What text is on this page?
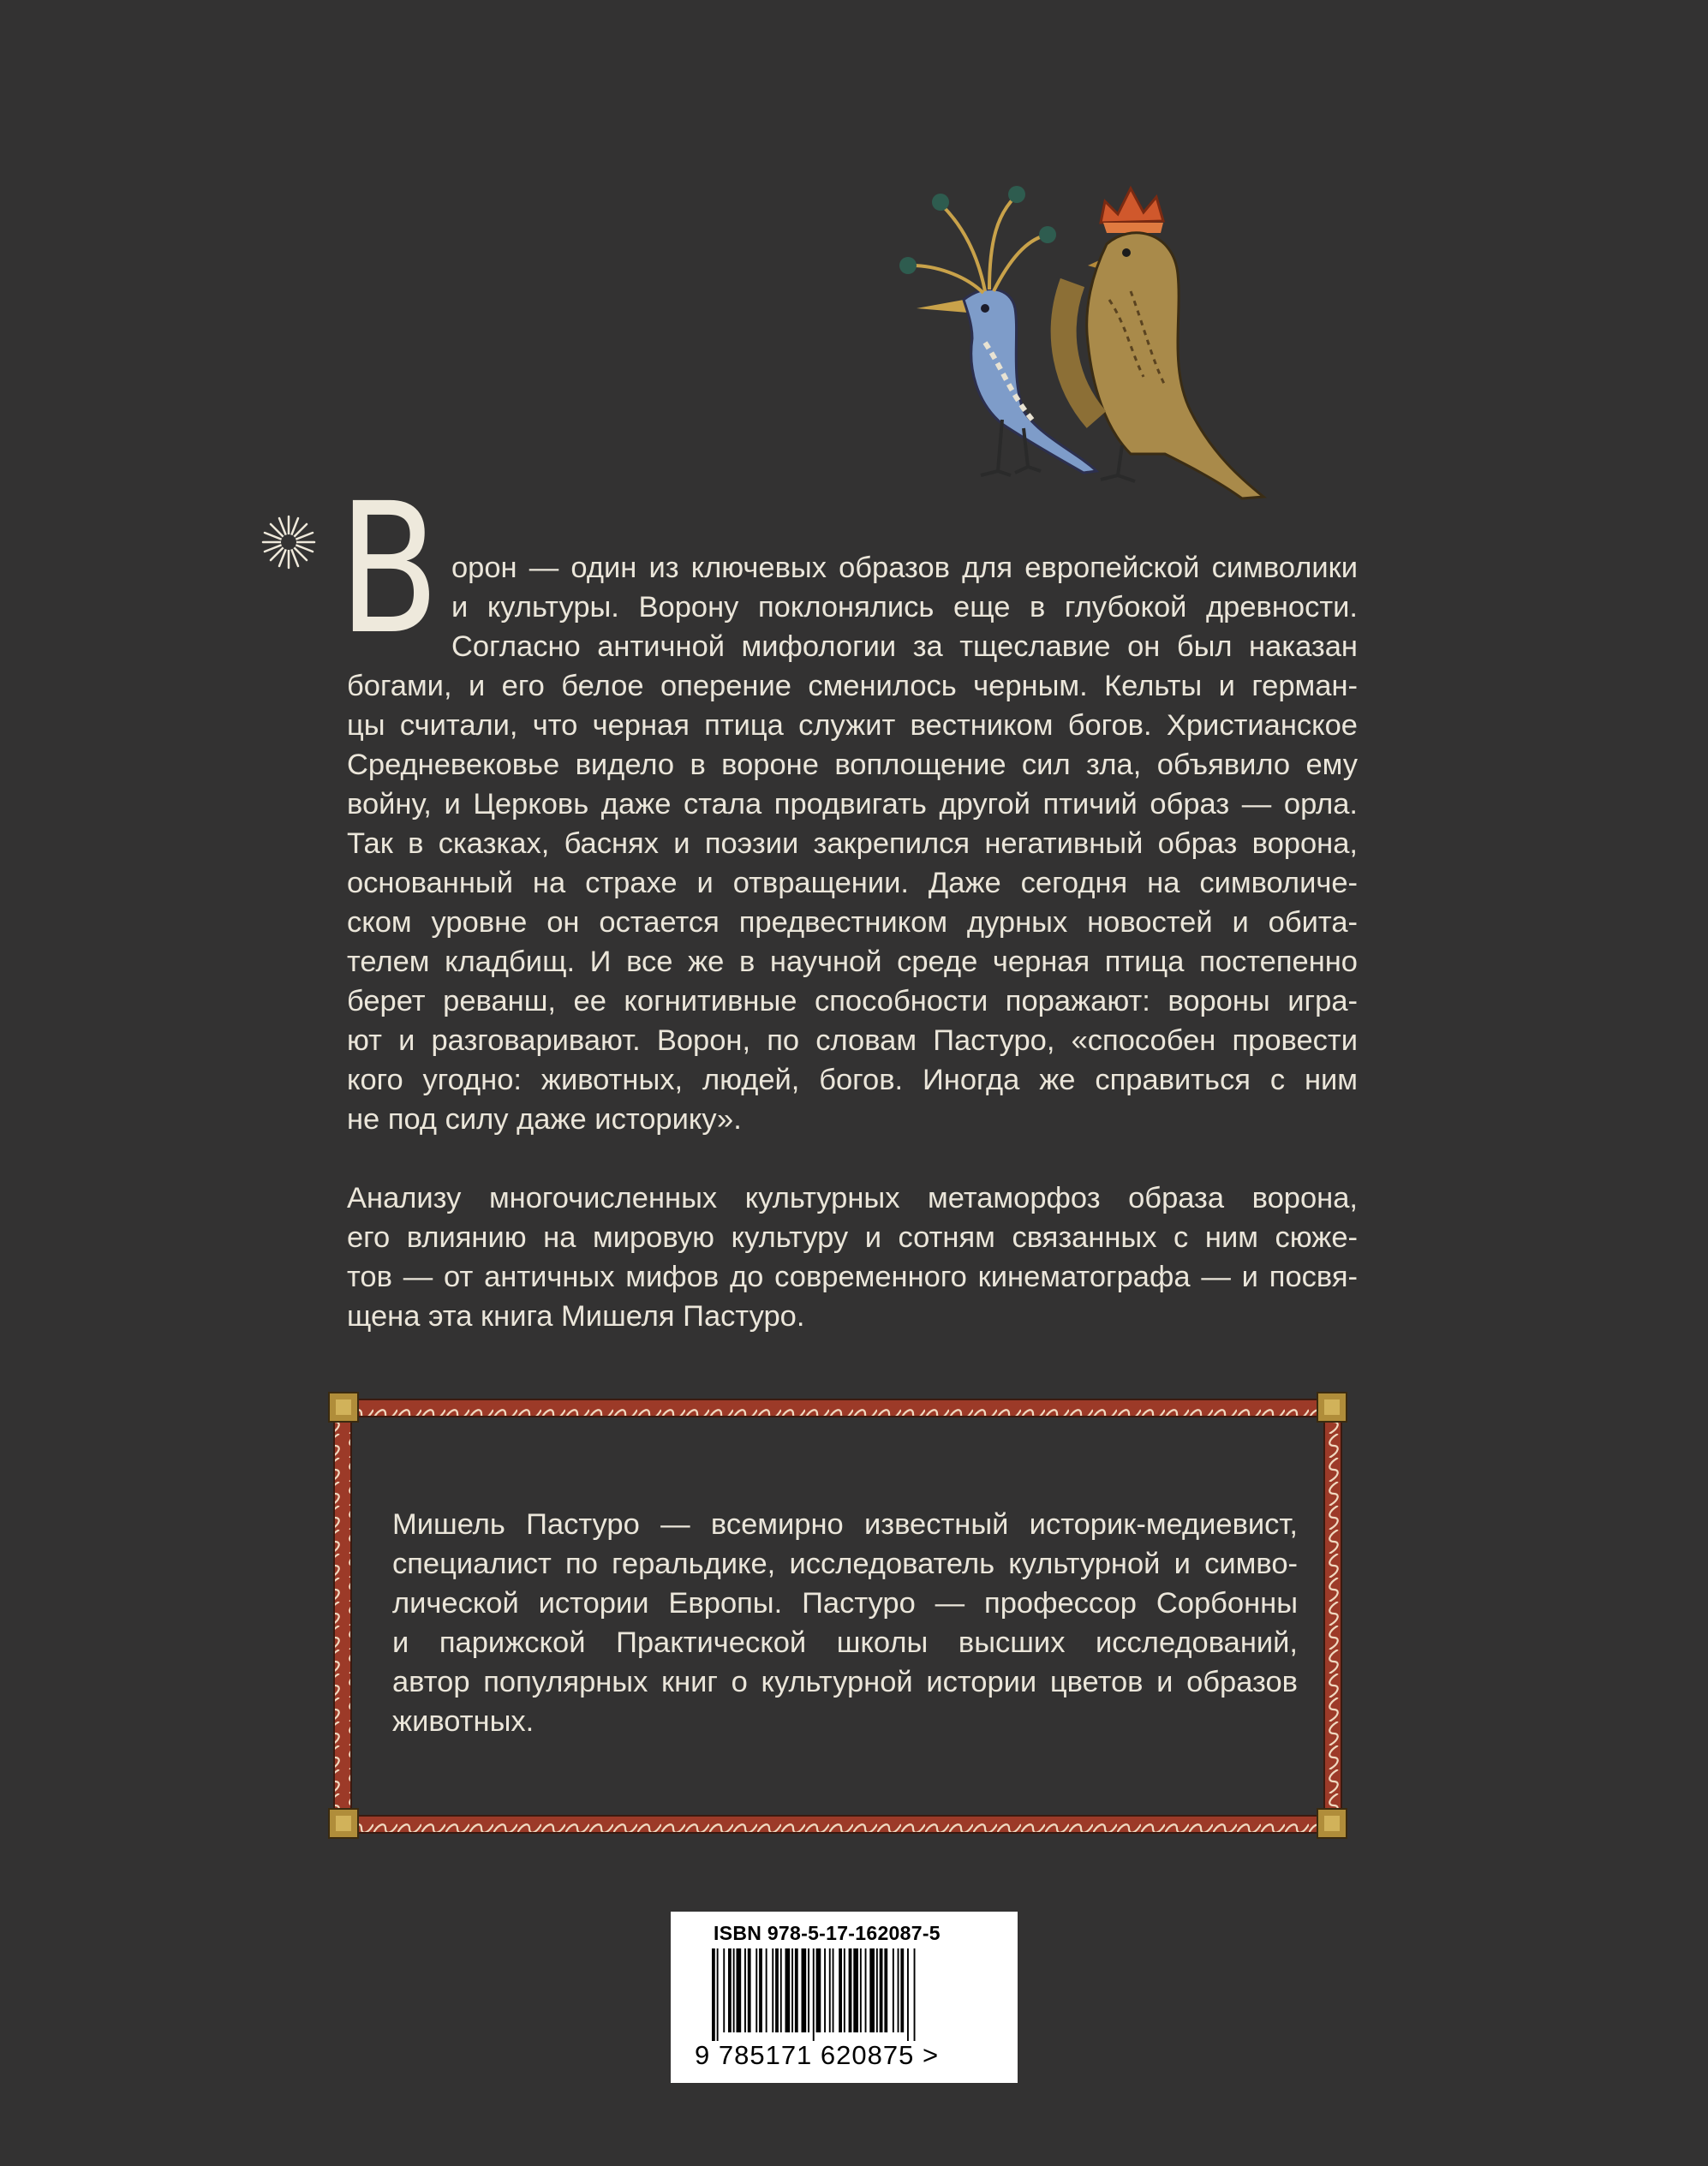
В орон — один из ключевых образов для европейской символики
и культуры. Ворону поклонялись еще в глубокой древности.
Согласно античной мифологии за тщеславие он был наказан
богами, и его белое оперение сменилось черным. Кельты и герман-
цы считали, что черная птица служит вестником богов. Христианское
Средневековье видело в вороне воплощение сил зла, объявило ему
войну, и Церковь даже стала продвигать другой птичий образ — орла.
Так в сказках, баснях и поэзии закрепился негативный образ ворона,
основанный на страхе и отвращении. Даже сегодня на символиче-
ском уровне он остается предвестником дурных новостей и обита-
телем кладбищ. И все же в научной среде черная птица постепенно
берет реванш, ее когнитивные способности поражают: вороны игра-
ют и разговаривают. Ворон, по словам Пастуро, «способен провести
кого угодно: животных, людей, богов. Иногда же справиться с ним
не под силу даже историку».
Анализу многочисленных культурных метаморфоз образа ворона,
его влиянию на мировую культуру и сотням связанных с ним сюже-
тов — от античных мифов до современного кинематографа — и посвя-
щена эта книга Мишеля Пастуро.
Мишель Пастуро — всемирно известный историк-медиевист,
специалист по геральдике, исследователь культурной и симво-
лической истории Европы. Пастуро — профессор Сорбонны
и парижской Практической школы высших исследований,
автор популярных книг о культурной истории цветов и образов
животных.
ISBN 978-5-17-162087-5
9 785171 620875 >
